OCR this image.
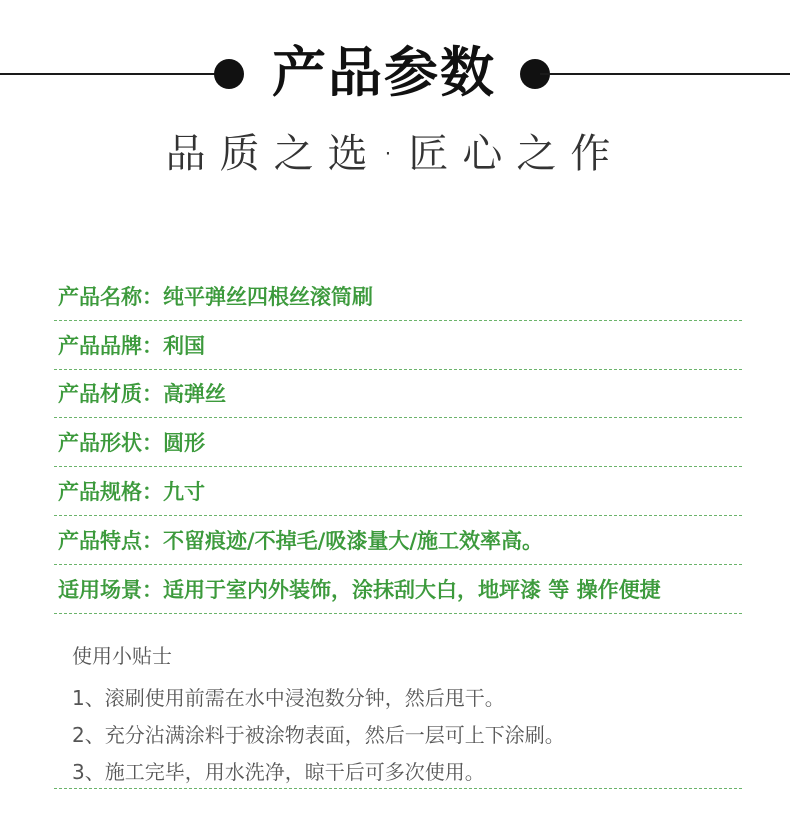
产品参数
品质之选·匠心之作
产品名称： 纯平弹丝四根丝滚筒刷
产品品牌： 利国
产品材质： 高弹丝
产品形状： 圆形
产品规格： 九寸
产品特点： 不留痕迹/不掉毛/吸漆量大/施工效率高。
适用场景： 适用于室内外装饰，涂抹刮大白，地坪漆 等 操作便捷
使用小贴士
1、滚刷使用前需在水中浸泡数分钟，然后甩干。
2、充分沾满涂料于被涂物表面，然后一层可上下涂刷。
3、施工完毕，用水洗净，晾干后可多次使用。
